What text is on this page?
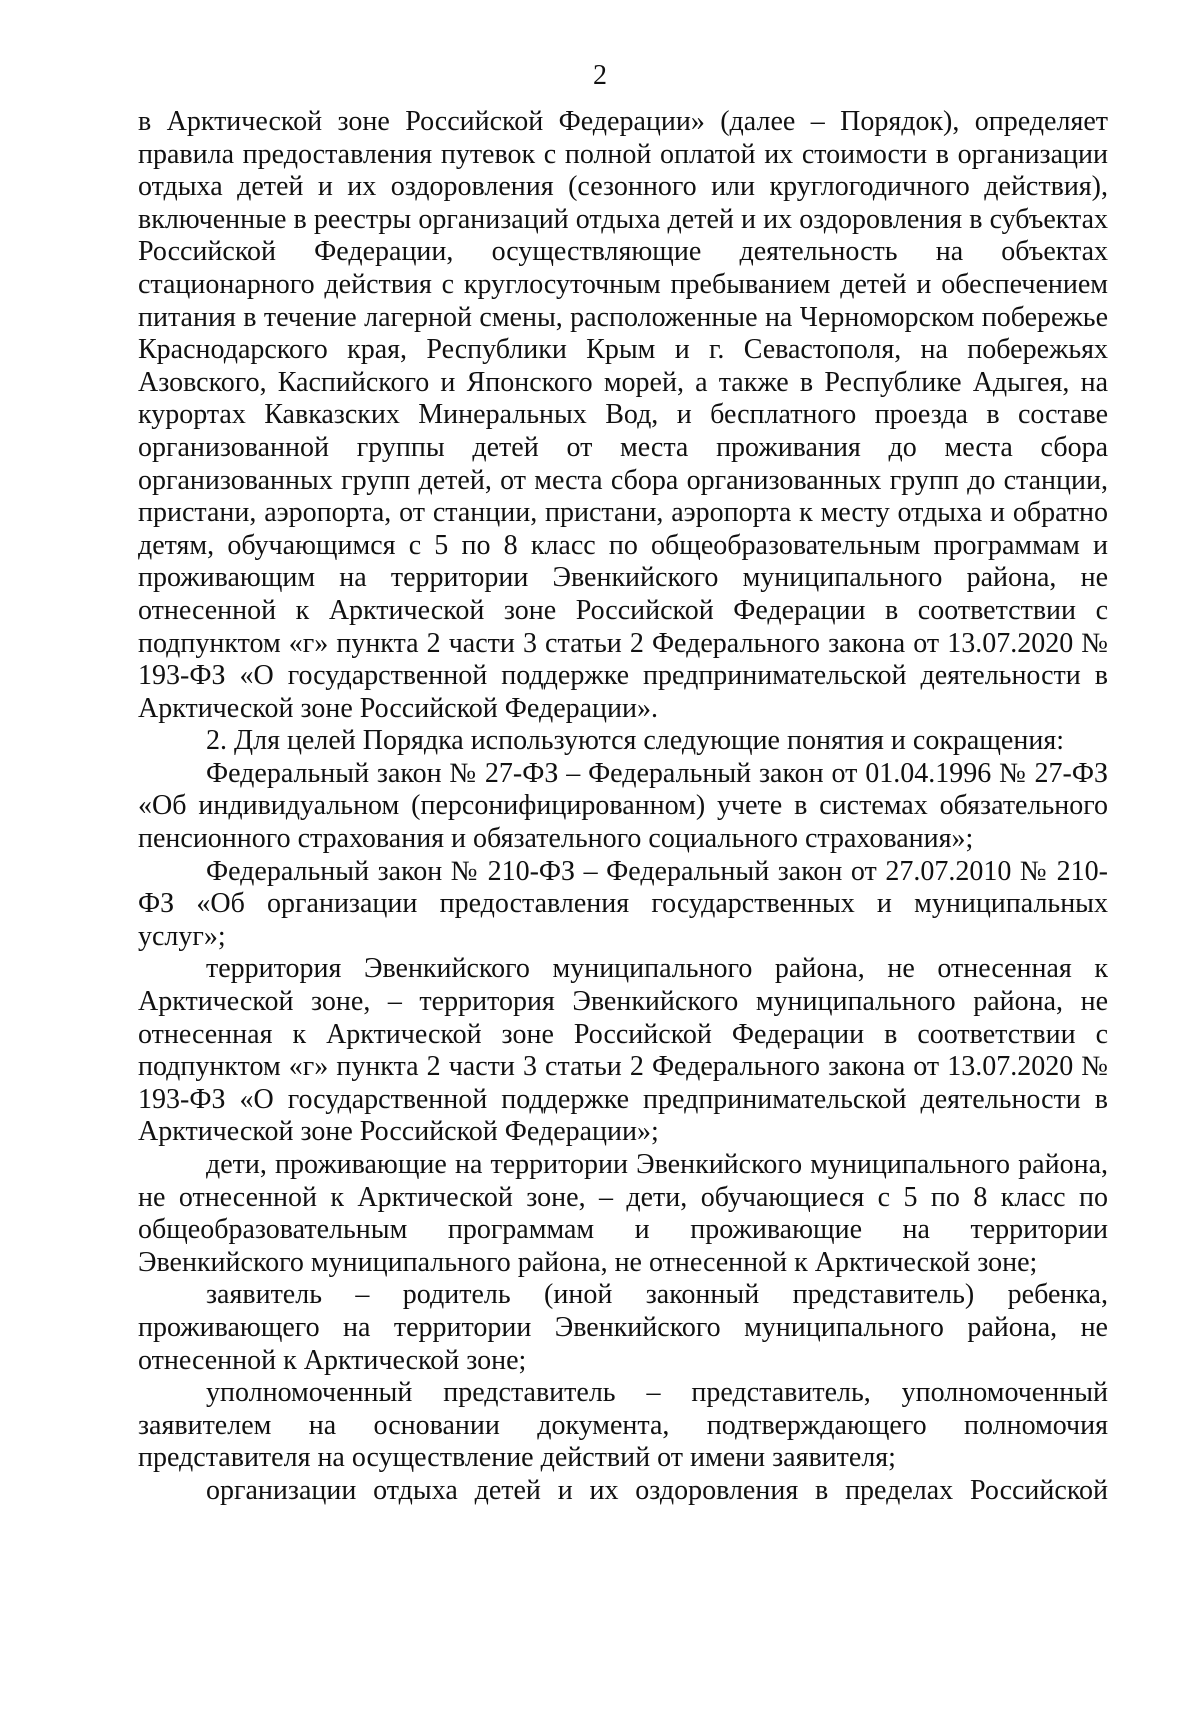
2

в Арктической зоне Российской Федерации» (далее – Порядок), определяет правила предоставления путевок с полной оплатой их стоимости в организации отдыха детей и их оздоровления (сезонного или круглогодичного действия), включенные в реестры организаций отдыха детей и их оздоровления в субъектах Российской Федерации, осуществляющие деятельность на объектах стационарного действия с круглосуточным пребыванием детей и обеспечением питания в течение лагерной смены, расположенные на Черноморском побережье Краснодарского края, Республики Крым и г. Севастополя, на побережьях Азовского, Каспийского и Японского морей, а также в Республике Адыгея, на курортах Кавказских Минеральных Вод, и бесплатного проезда в составе организованной группы детей от места проживания до места сбора организованных групп детей, от места сбора организованных групп до станции, пристани, аэропорта, от станции, пристани, аэропорта к месту отдыха и обратно детям, обучающимся с 5 по 8 класс по общеобразовательным программам и проживающим на территории Эвенкийского муниципального района, не отнесенной к Арктической зоне Российской Федерации в соответствии с подпунктом «г» пункта 2 части 3 статьи 2 Федерального закона от 13.07.2020 № 193-ФЗ «О государственной поддержке предпринимательской деятельности в Арктической зоне Российской Федерации».

2. Для целей Порядка используются следующие понятия и сокращения:

Федеральный закон № 27-ФЗ – Федеральный закон от 01.04.1996 № 27-ФЗ «Об индивидуальном (персонифицированном) учете в системах обязательного пенсионного страхования и обязательного социального страхования»;

Федеральный закон № 210-ФЗ – Федеральный закон от 27.07.2010 № 210-ФЗ «Об организации предоставления государственных и муниципальных услуг»;

территория Эвенкийского муниципального района, не отнесенная к Арктической зоне, – территория Эвенкийского муниципального района, не отнесенная к Арктической зоне Российской Федерации в соответствии с подпунктом «г» пункта 2 части 3 статьи 2 Федерального закона от 13.07.2020 № 193-ФЗ «О государственной поддержке предпринимательской деятельности в Арктической зоне Российской Федерации»;

дети, проживающие на территории Эвенкийского муниципального района, не отнесенной к Арктической зоне, – дети, обучающиеся с 5 по 8 класс по общеобразовательным программам и проживающие на территории Эвенкийского муниципального района, не отнесенной к Арктической зоне;

заявитель – родитель (иной законный представитель) ребенка, проживающего на территории Эвенкийского муниципального района, не отнесенной к Арктической зоне;

уполномоченный представитель – представитель, уполномоченный заявителем на основании документа, подтверждающего полномочия представителя на осуществление действий от имени заявителя;

организации отдыха детей и их оздоровления в пределах Российской
